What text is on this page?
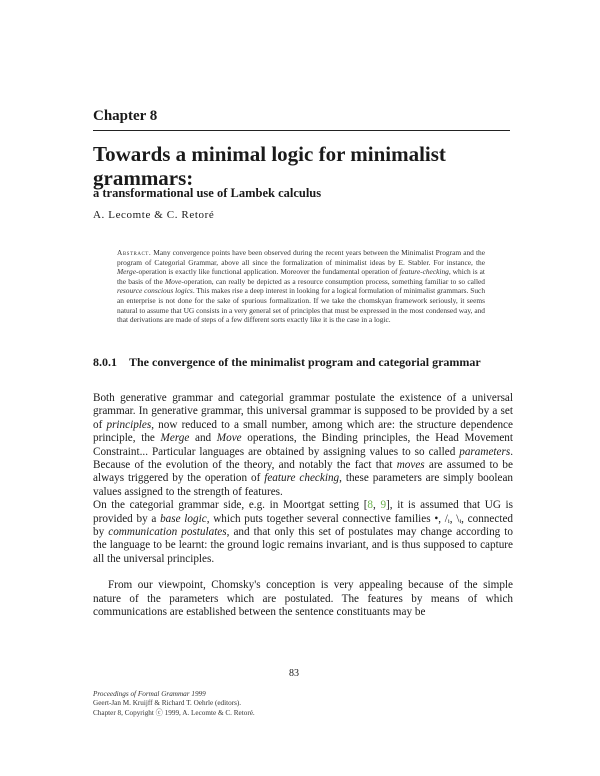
Chapter 8
Towards a minimal logic for minimalist grammars:
a transformational use of Lambek calculus
A. Lecomte & C. Retoré
Abstract. Many convergence points have been observed during the recent years between the Minimalist Program and the program of Categorial Grammar, above all since the formalization of minimalist ideas by E. Stabler. For instance, the Merge-operation is exactly like functional application. Moreover the fundamental operation of feature-checking, which is at the basis of the Move-operation, can really be depicted as a resource consumption process, something familiar to so called resource conscious logics. This makes rise a deep interest in looking for a logical formulation of minimalist grammars. Such an enterprise is not done for the sake of spurious formalization. If we take the chomskyan framework seriously, it seems natural to assume that UG consists in a very general set of principles that must be expressed in the most condensed way, and that derivations are made of steps of a few different sorts exactly like it is the case in a logic.
8.0.1 The convergence of the minimalist program and categorial grammar

Both generative grammar and categorial grammar postulate the existence of a universal grammar. In generative grammar, this universal grammar is supposed to be provided by a set of principles, now reduced to a small number, among which are: the structure dependence principle, the Merge and Move operations, the Binding principles, the Head Movement Constraint... Particular languages are obtained by assigning values to so called parameters. Because of the evolution of the theory, and notably the fact that moves are assumed to be always triggered by the operation of feature checking, these parameters are simply boolean values assigned to the strength of features.

On the categorial grammar side, e.g. in Moortgat setting [8, 9], it is assumed that UG is provided by a base logic, which puts together several connective families •, /ᵢ, \ᵢ, connected by communication postulates, and that only this set of postulates may change according to the language to be learnt: the ground logic remains invariant, and is thus supposed to capture all the universal principles.

From our viewpoint, Chomsky's conception is very appealing because of the simple nature of the parameters which are postulated. The features by means of which communications are established between the sentence constituants may be

83
Proceedings of Formal Grammar 1999
Geert-Jan M. Kruijff & Richard T. Oehrle (editors).
Chapter 8, Copyright ⓒ 1999, A. Lecomte & C. Retoré.
